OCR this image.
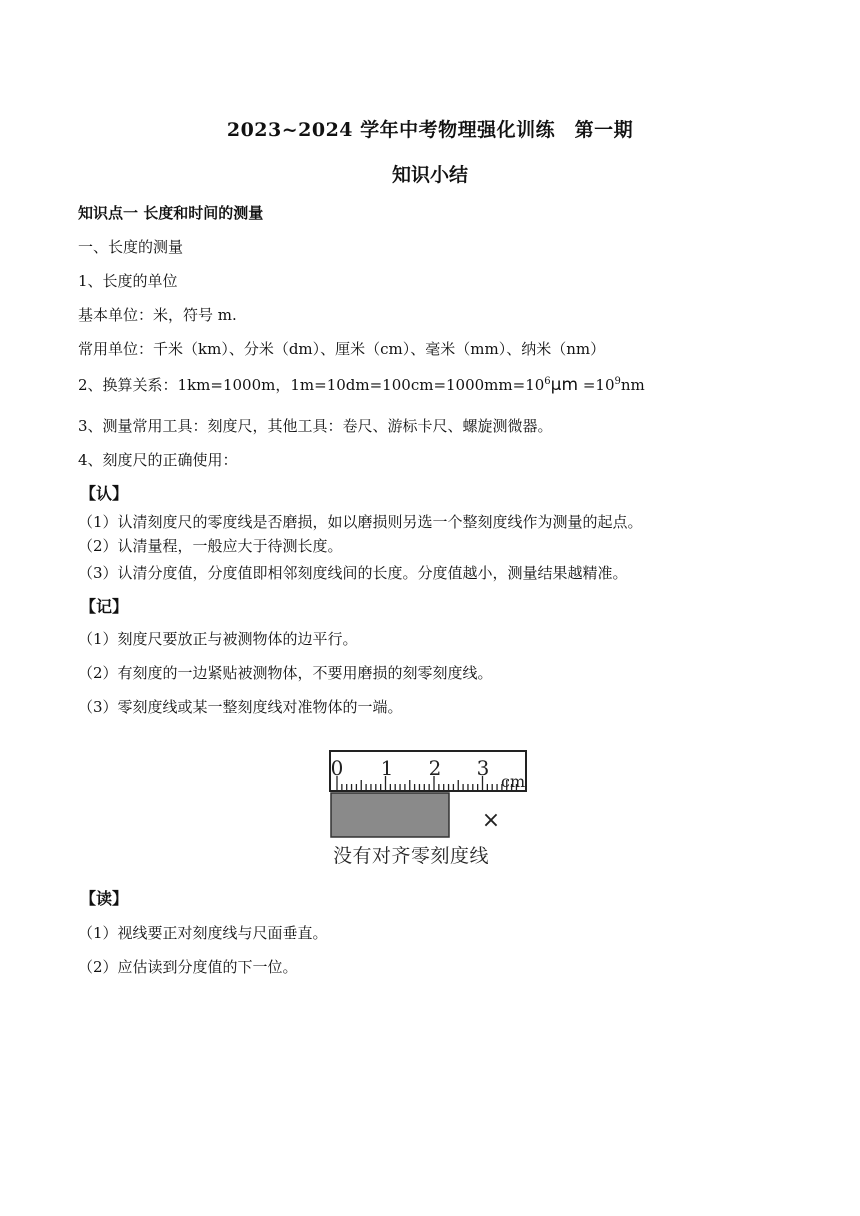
2023~2024 学年中考物理强化训练　第一期
知识小结

知识点一 长度和时间的测量

一、长度的测量

1、长度的单位

基本单位：米，符号 m.

常用单位：千米（km）、分米（dm）、厘米（cm）、毫米（mm）、纳米（nm）

2、换算关系：1km=1000m，$1m=10dm=100cm=1000mm=10^6\mu m =10^9nm$

3、测量常用工具：刻度尺，其他工具：卷尺、游标卡尺、螺旋测微器。

4、刻度尺的正确使用：

【认】

（1）认清刻度尺的零度线是否磨损，如以磨损则另选一个整刻度线作为测量的起点。

（2）认清量程，一般应大于待测长度。

（3）认清分度值，分度值即相邻刻度线间的长度。分度值越小，测量结果越精准。

【记】

（1）刻度尺要放正与被测物体的边平行。

（2）有刻度的一边紧贴被测物体，不要用磨损的刻零刻度线。

（3）零刻度线或某一整刻度线对准物体的一端。

0 1 2 3
cm
×
没有对齐零刻度线

【读】

（1）视线要正对刻度线与尺面垂直。

（2）应估读到分度值的下一位。
